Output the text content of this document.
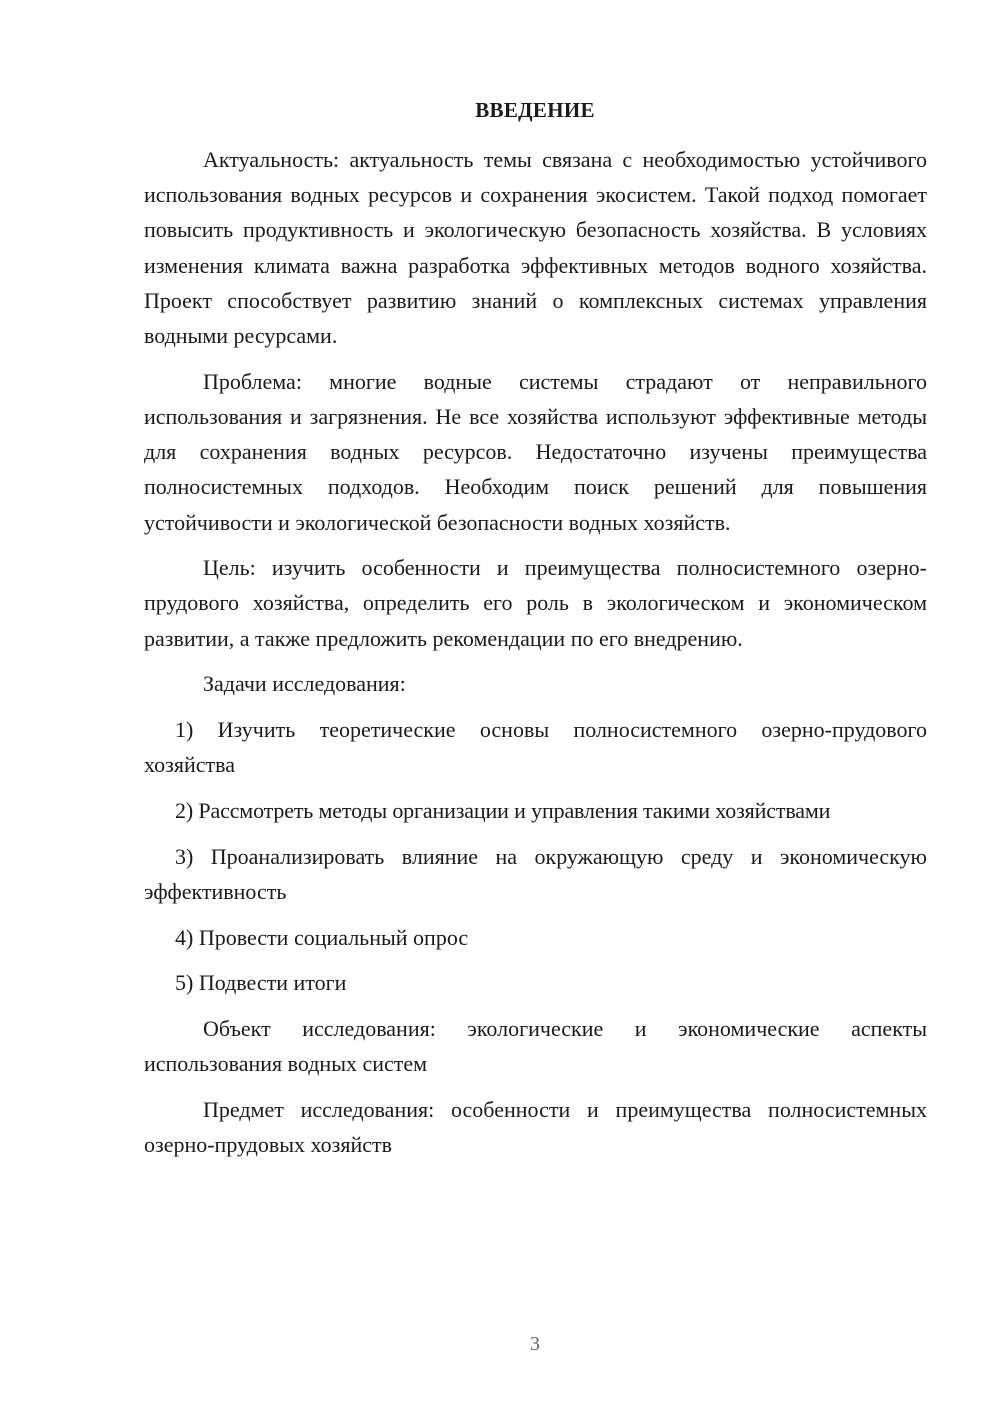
ВВЕДЕНИЕ

Актуальность: актуальность темы связана с необходимостью устойчивого использования водных ресурсов и сохранения экосистем. Такой подход помогает повысить продуктивность и экологическую безопасность хозяйства. В условиях изменения климата важна разработка эффективных методов водного хозяйства. Проект способствует развитию знаний о комплексных системах управления водными ресурсами.

Проблема: многие водные системы страдают от неправильного использования и загрязнения. Не все хозяйства используют эффективные методы для сохранения водных ресурсов. Недостаточно изучены преимущества полносистемных подходов. Необходим поиск решений для повышения устойчивости и экологической безопасности водных хозяйств.

Цель: изучить особенности и преимущества полносистемного озерно-прудового хозяйства, определить его роль в экологическом и экономическом развитии, а также предложить рекомендации по его внедрению.

Задачи исследования:

1) Изучить теоретические основы полносистемного озерно-прудового хозяйства

2) Рассмотреть методы организации и управления такими хозяйствами

3) Проанализировать влияние на окружающую среду и экономическую эффективность

4) Провести социальный опрос

5) Подвести итоги

Объект исследования: экологические и экономические аспекты использования водных систем

Предмет исследования: особенности и преимущества полносистемных озерно-прудовых хозяйств

3
